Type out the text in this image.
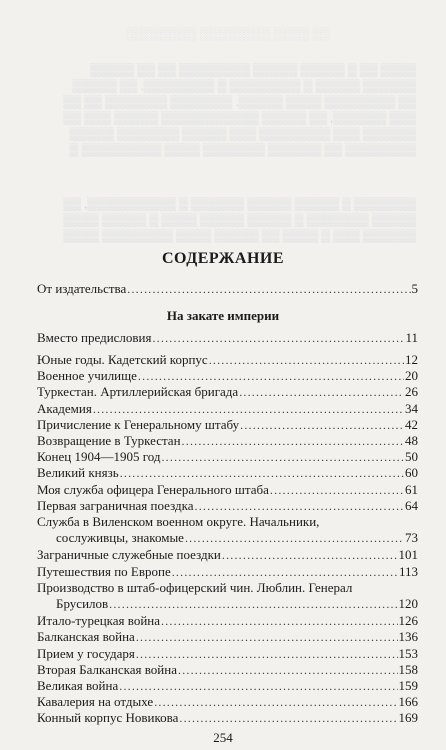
░░ ░░░░ ░░░░░░░░ ░░░░░░░░
▒▒▒▒ ▒▒ ▒ ▒▒▒▒▒ ▒▒▒▒▒ ▒▒▒▒▒▒▒▒ ▒▒ ▒▒ ▒▒▒▒▒
▒▒▒▒▒▒ ▒▒▒▒▒ ▒ ▒▒▒▒▒▒▒▒ ▒ ▒▒▒▒▒▒▒▒. ▒▒ ▒▒▒▒▒
▒▒ ▒▒▒▒▒▒▒▒ ▒▒▒▒ ▒▒▒▒▒. ▒▒▒▒▒▒▒ ▒▒▒▒▒▒▒ ▒▒ ▒▒
▒▒▒ ▒▒▒▒▒▒, ▒▒ ▒▒▒▒▒ ▒▒▒▒▒▒▒▒▒▒▒ ▒▒▒▒▒ ▒▒▒ ▒▒
▒▒▒▒▒▒ ▒▒▒ ▒▒▒▒▒▒▒▒ ▒▒▒ ▒▒▒▒▒ ▒▒▒▒▒▒▒ ▒▒▒▒▒
▒▒▒▒▒▒▒▒ ▒▒ ▒▒▒▒▒▒ ▒▒▒▒▒▒▒ ▒▒▒▒ ▒▒▒▒▒▒▒▒▒ ▒
▒▒▒▒▒▒▒ ▒ ▒▒▒▒▒ ▒▒▒▒▒ ▒▒▒▒▒▒ ▒ ▒▒▒▒▒▒▒▒▒▒, ▒▒
▒▒▒▒▒ ▒▒▒▒▒▒▒ ▒ ▒▒▒▒▒ ▒▒▒▒▒ ▒▒▒▒ ▒ ▒▒▒▒▒ ▒▒▒▒
▒▒▒▒▒▒ ▒▒▒ ▒ ▒▒▒▒ ▒▒ ▒▒▒▒▒ ▒▒▒▒ ▒▒▒▒▒▒▒▒ ▒▒▒▒
СОДЕРЖАНИЕ
От издательства .....	5
На закате империи
Вместо предисловия .....	11
Юные годы. Кадетский корпус .....	12
Военное училище .....	20
Туркестан. Артиллерийская бригада .....	26
Академия .....	34
Причисление к Генеральному штабу .....	42
Возвращение в Туркестан .....	48
Конец 1904—1905 год .....	50
Великий князь .....	60
Моя служба офицера Генерального штаба .....	61
Первая заграничная поездка .....	64
Служба в Виленском военном округе. Начальники,
сослуживцы, знакомые .....	73
Заграничные служебные поездки .....	101
Путешествия по Европе .....	113
Производство в штаб-офицерский чин. Люблин. Генерал
Брусилов .....	120
Итало-турецкая война .....	126
Балканская война .....	136
Прием у государя .....	153
Вторая Балканская война .....	158
Великая война .....	159
Кавалерия на отдыхе .....	166
Конный корпус Новикова .....	169
254
